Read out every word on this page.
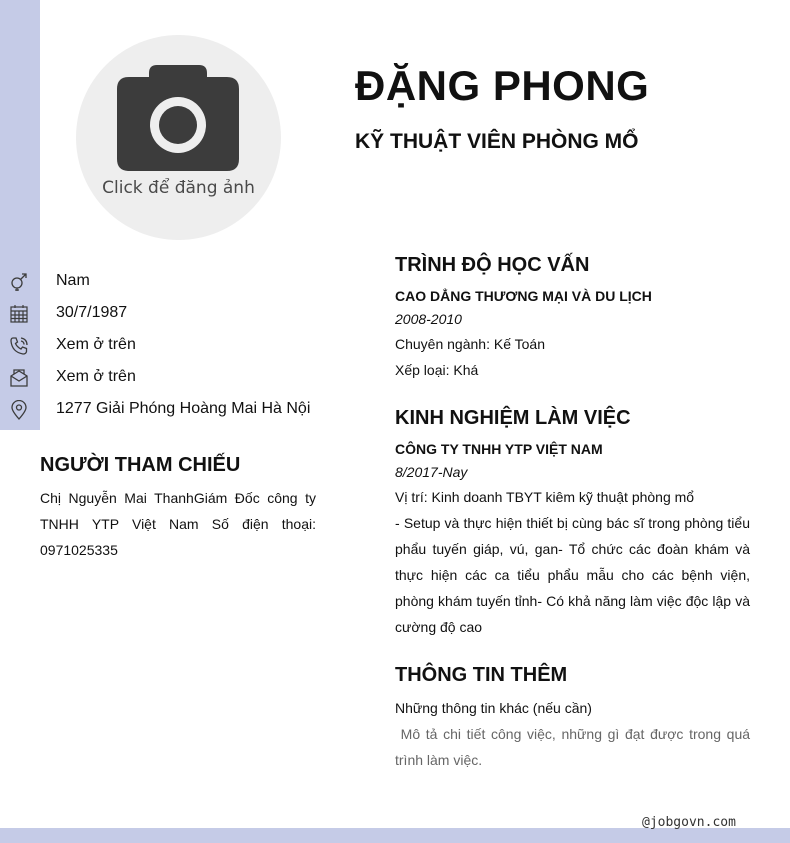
Click để đăng ảnh
ĐẶNG PHONG
KỸ THUẬT VIÊN PHÒNG MỔ
Nam
30/7/1987
Xem ở trên
Xem ở trên
1277 Giải Phóng Hoàng Mai Hà Nội
NGƯỜI THAM CHIẾU
Chị Nguyễn Mai ThanhGiám Đốc công ty TNHH YTP Việt Nam Số điện thoại: 0971025335
TRÌNH ĐỘ HỌC VẤN
CAO DẲNG THƯƠNG MẠI VÀ DU LỊCH
2008-2010
Chuyên ngành: Kế Toán
Xếp loại: Khá
KINH NGHIỆM LÀM VIỆC
CÔNG TY TNHH YTP VIỆT NAM
8/2017-Nay
Vị trí: Kinh doanh TBYT kiêm kỹ thuật phòng mổ
- Setup và thực hiện thiết bị cùng bác sĩ trong phòng tiểu phẩu tuyến giáp, vú, gan- Tổ chức các đoàn khám và thực hiện các ca tiểu phẩu mẫu cho các bệnh viện, phòng khám tuyến tỉnh- Có khả năng làm việc độc lập và cường độ cao
THÔNG TIN THÊM
Những thông tin khác (nếu cần)
Mô tả chi tiết công việc, những gì đạt được trong quá trình làm việc.
@jobgovn.com
